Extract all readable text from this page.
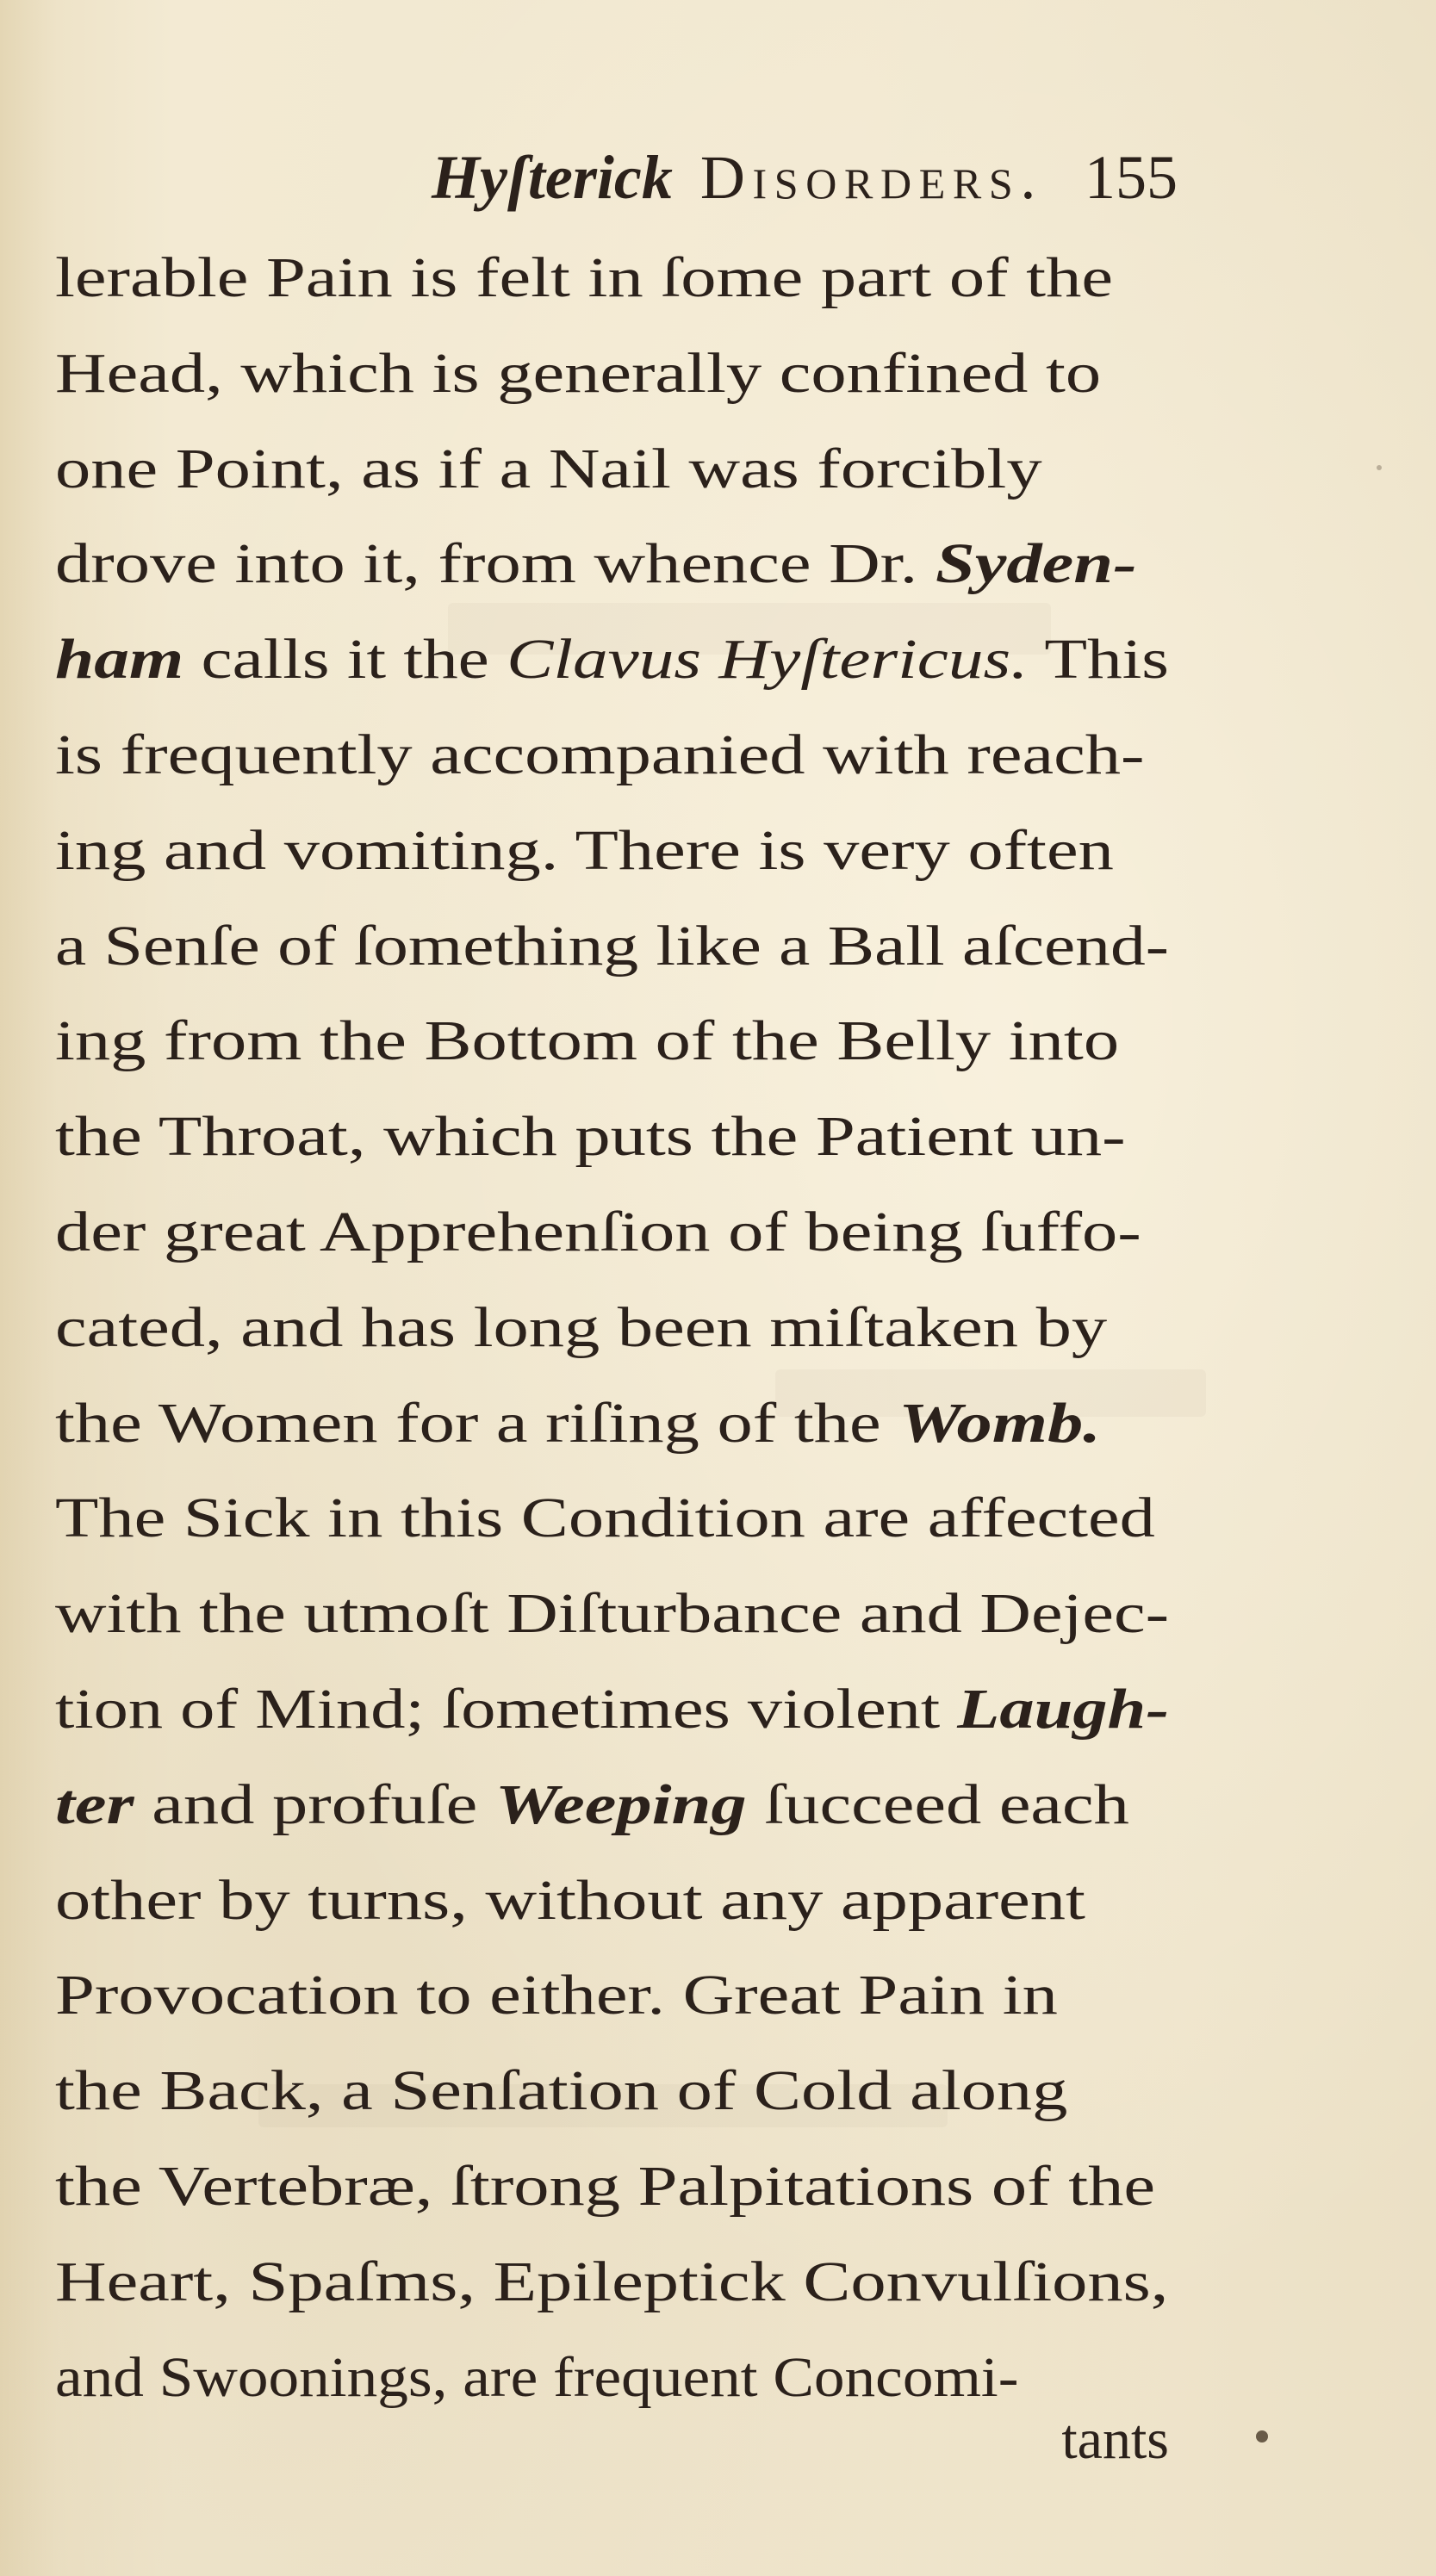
Hyſterick Disorders. 155
lerable Pain is felt in ſome part of the
Head, which is generally confined to
one Point, as if a Nail was forcibly
drove into it, from whence Dr. Syden-
ham calls it the Clavus Hyſtericus. This
is frequently accompanied with reach-
ing and vomiting. There is very often
a Senſe of ſomething like a Ball aſcend-
ing from the Bottom of the Belly into
the Throat, which puts the Patient un-
der great Apprehenſion of being ſuffo-
cated, and has long been miſtaken by
the Women for a riſing of the Womb.
The Sick in this Condition are affected
with the utmoſt Diſturbance and Dejec-
tion of Mind; ſometimes violent Laugh-
ter and profuſe Weeping ſucceed each
other by turns, without any apparent
Provocation to either. Great Pain in
the Back, a Senſation of Cold along
the Vertebræ, ſtrong Palpitations of the
Heart, Spaſms, Epileptick Convulſions,
and Swoonings, are frequent Concomi-
tants
